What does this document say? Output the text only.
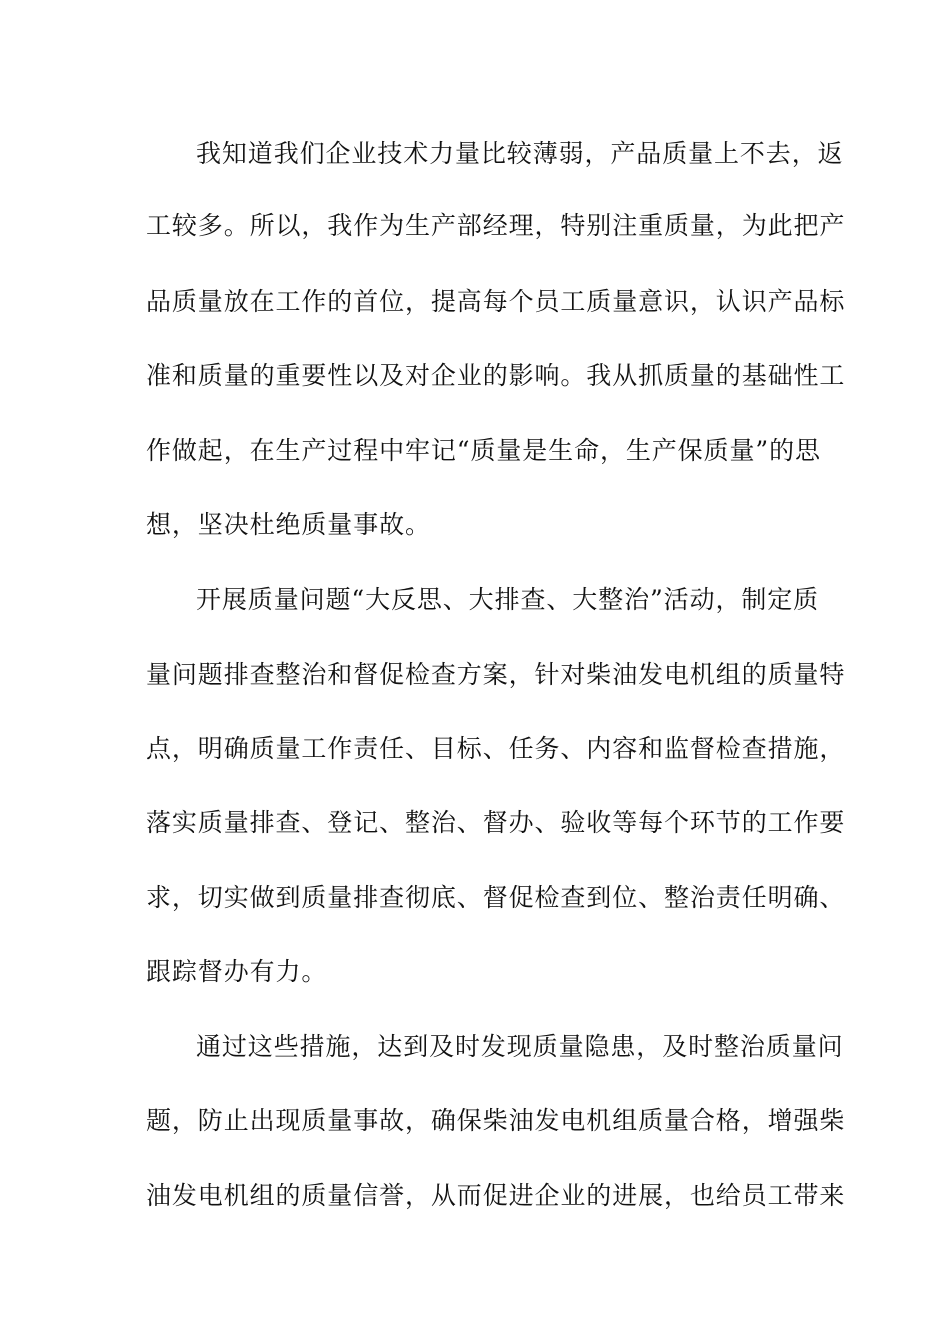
我知道我们企业技术力量比较薄弱，产品质量上不去，返
工较多。所以，我作为生产部经理，特别注重质量，为此把产
品质量放在工作的首位，提高每个员工质量意识，认识产品标
准和质量的重要性以及对企业的影响。我从抓质量的基础性工
作做起，在生产过程中牢记“质量是生命，生产保质量”的思
想，坚决杜绝质量事故。
开展质量问题“大反思、大排查、大整治”活动，制定质
量问题排查整治和督促检查方案，针对柴油发电机组的质量特
点，明确质量工作责任、目标、任务、内容和监督检查措施，
落实质量排查、登记、整治、督办、验收等每个环节的工作要
求，切实做到质量排查彻底、督促检查到位、整治责任明确、
跟踪督办有力。
通过这些措施，达到及时发现质量隐患，及时整治质量问
题，防止出现质量事故，确保柴油发电机组质量合格，增强柴
油发电机组的质量信誉，从而促进企业的进展，也给员工带来
